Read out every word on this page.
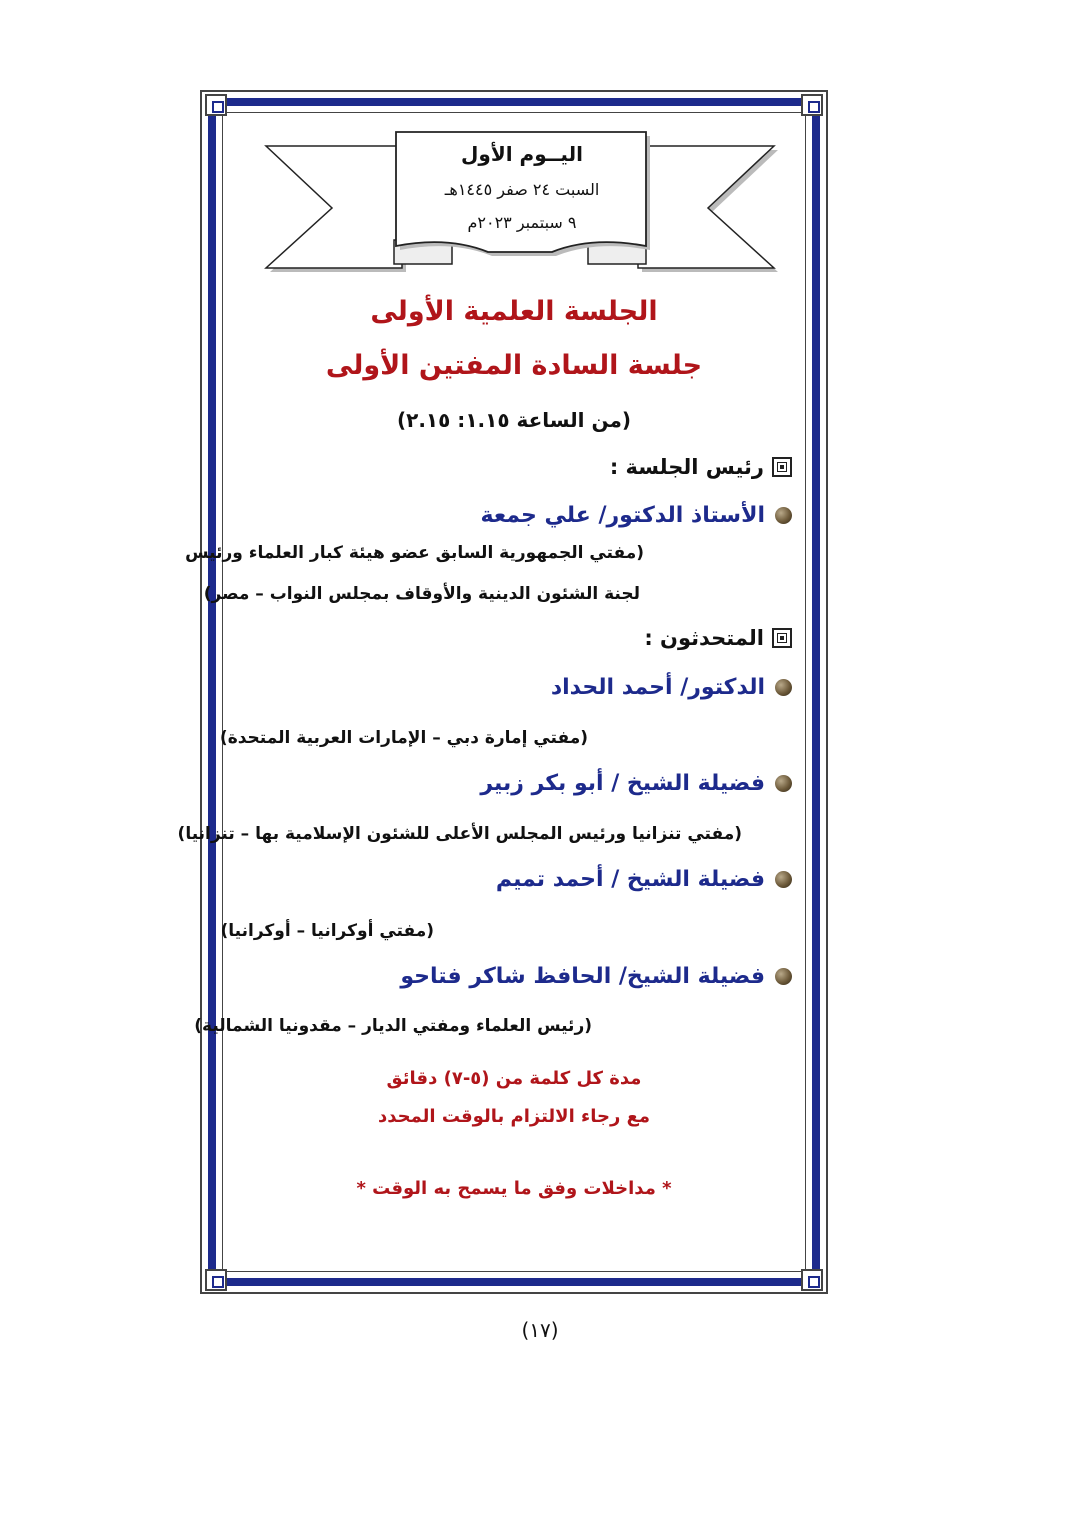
اليــوم الأول
السبت ٢٤ صفر ١٤٤٥هـ
٩ سبتمبر ٢٠٢٣م
الجلسة العلمية الأولى
جلسة السادة المفتين الأولى
(من الساعة ١.١٥: ٢.١٥)
رئيس الجلسة :
الأستاذ الدكتور/ علي جمعة
(مفتي الجمهورية السابق عضو هيئة كبار العلماء ورئيس
لجنة الشئون الدينية والأوقاف بمجلس النواب – مصر)
المتحدثون :
الدكتور/ أحمد الحداد
(مفتي إمارة دبي – الإمارات العربية المتحدة)
فضيلة الشيخ / أبو بكر زبير
(مفتي تنزانيا ورئيس المجلس الأعلى للشئون الإسلامية بها – تنزانيا)
فضيلة الشيخ / أحمد تميم
(مفتي أوكرانيا – أوكرانيا)
فضيلة الشيخ/ الحافظ شاكر فتاحو
(رئيس العلماء ومفتي الديار – مقدونيا الشمالية)
مدة كل كلمة من (٥-٧) دقائق
مع رجاء الالتزام بالوقت المحدد
* مداخلات وفق ما يسمح به الوقت *
(١٧)
